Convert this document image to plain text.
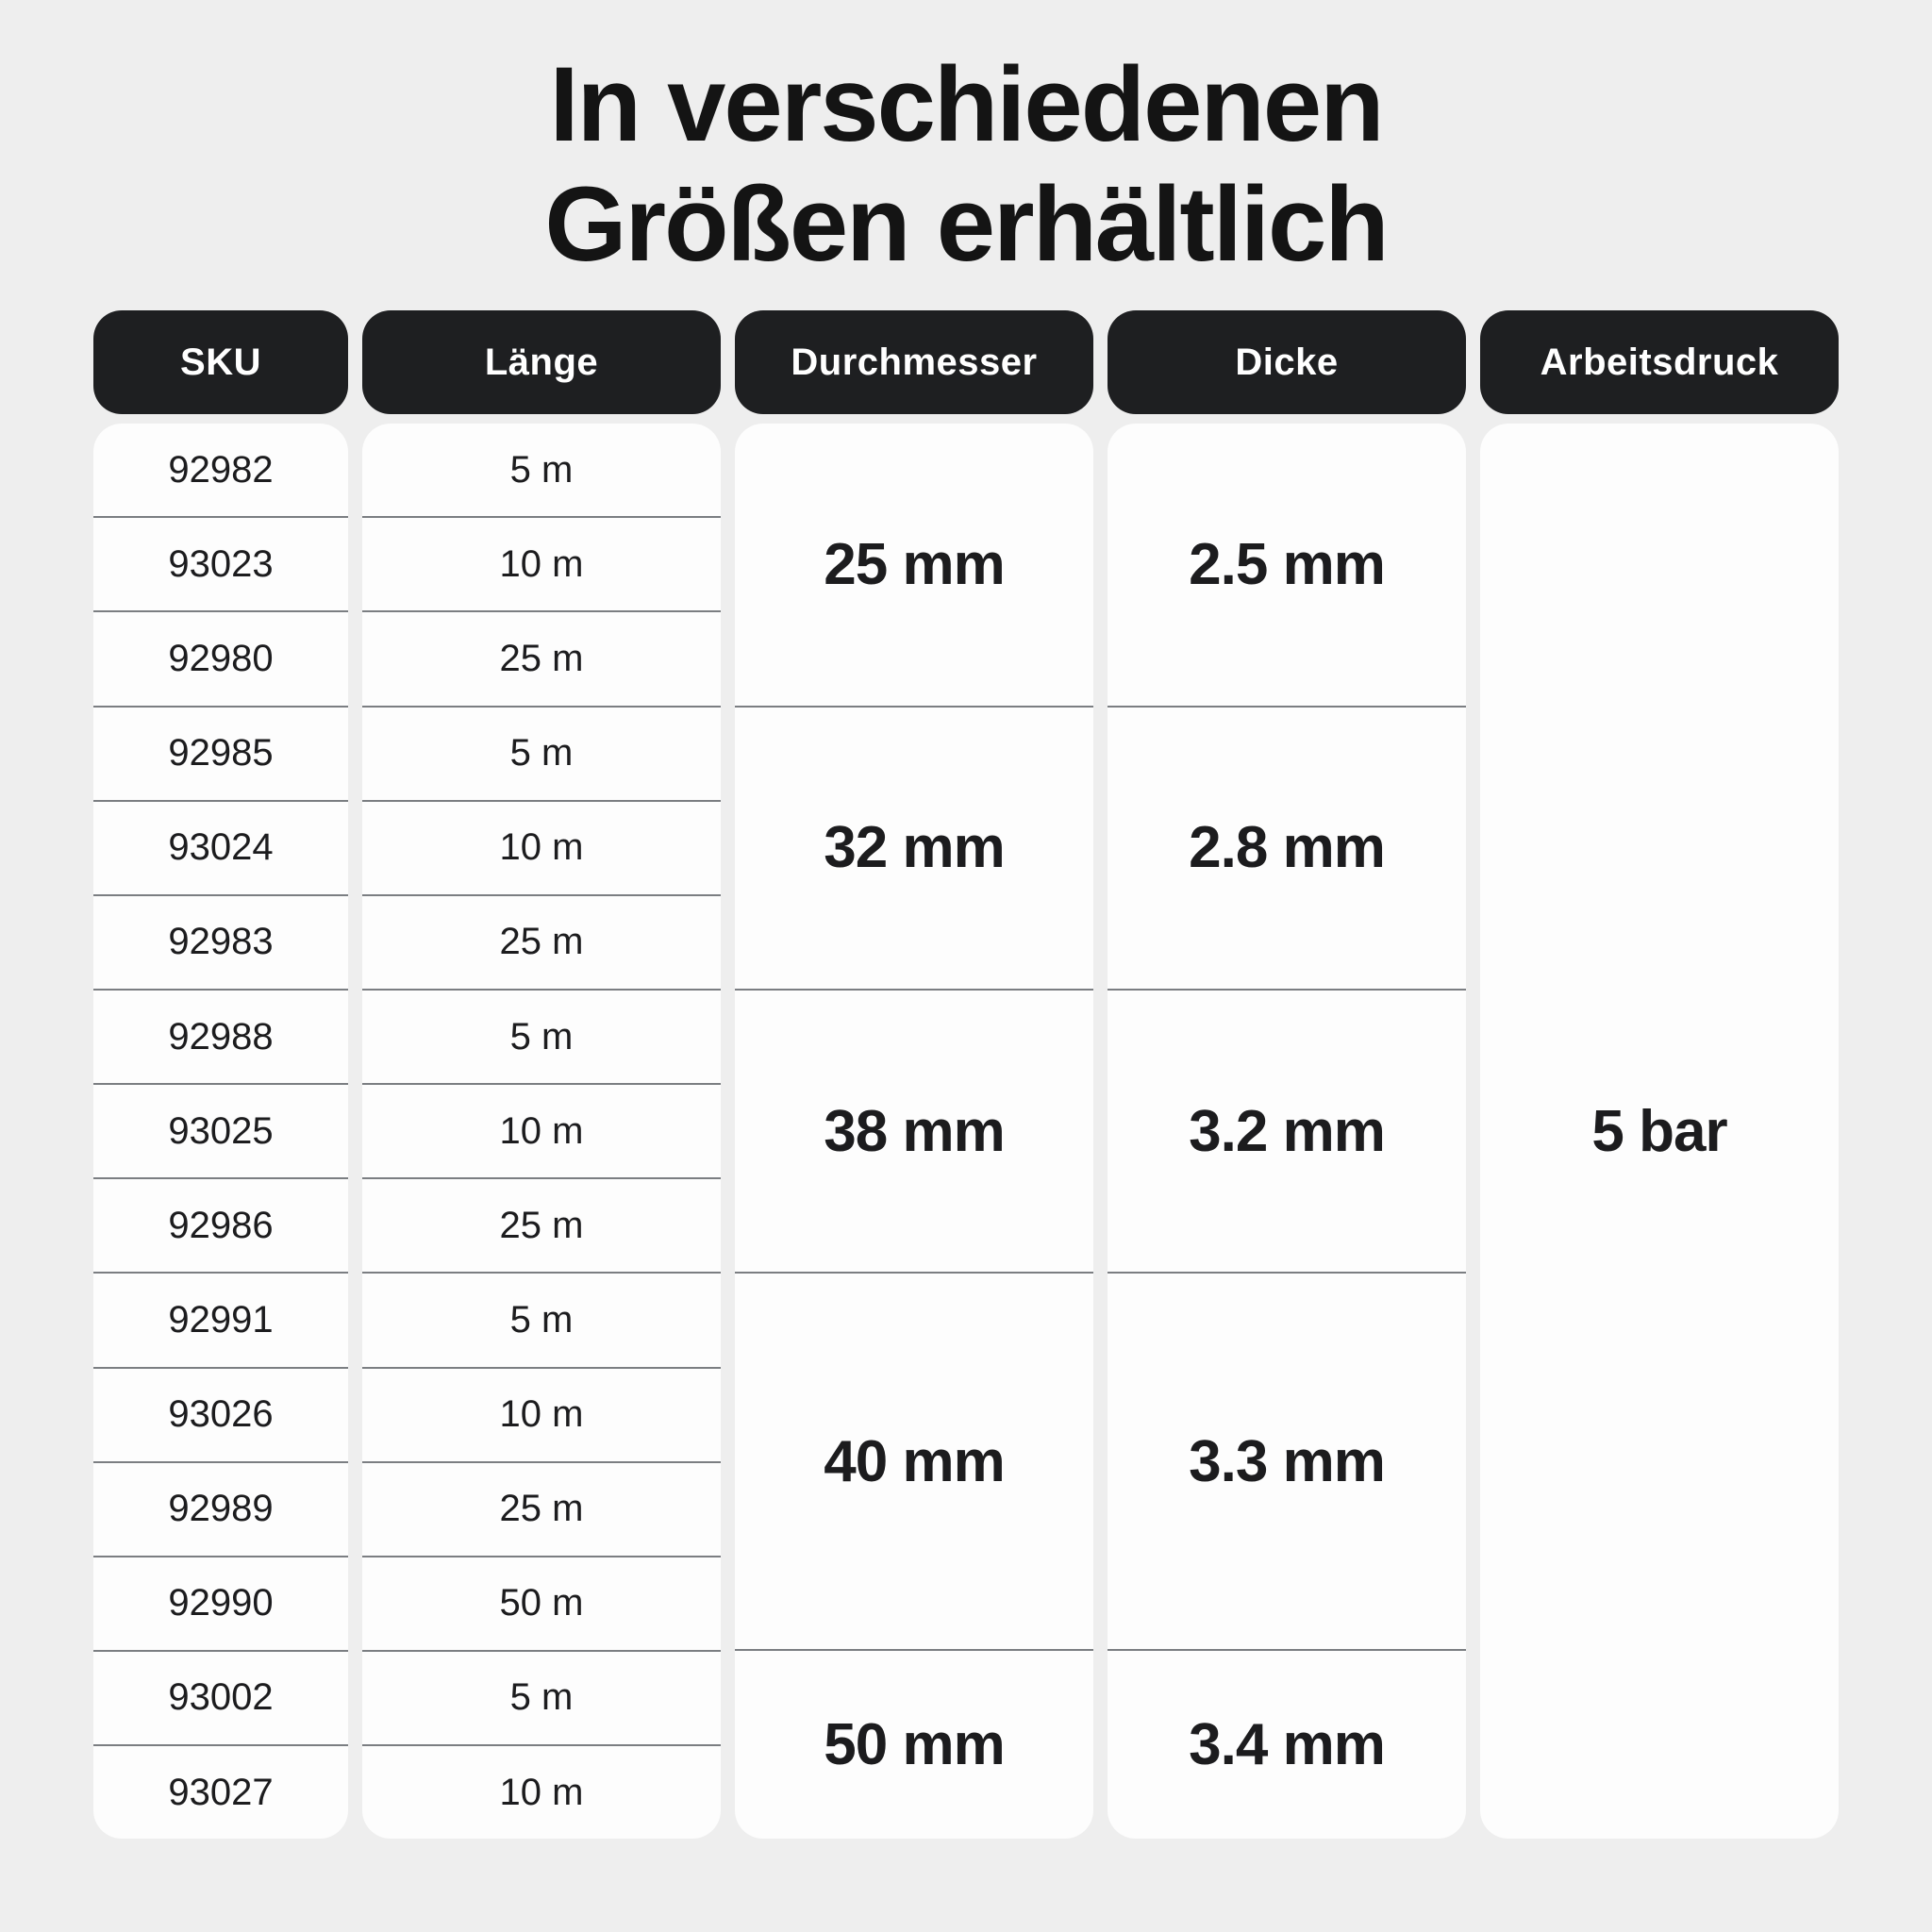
In verschiedenen
Größen erhältlich
SKU
92982
93023
92980
92985
93024
92983
92988
93025
92986
92991
93026
92989
92990
93002
93027
Länge
5 m
10 m
25 m
5 m
10 m
25 m
5 m
10 m
25 m
5 m
10 m
25 m
50 m
5 m
10 m
Durchmesser
25 mm
32 mm
38 mm
40 mm
50 mm
Dicke
2.5 mm
2.8 mm
3.2 mm
3.3 mm
3.4 mm
Arbeitsdruck
5 bar
